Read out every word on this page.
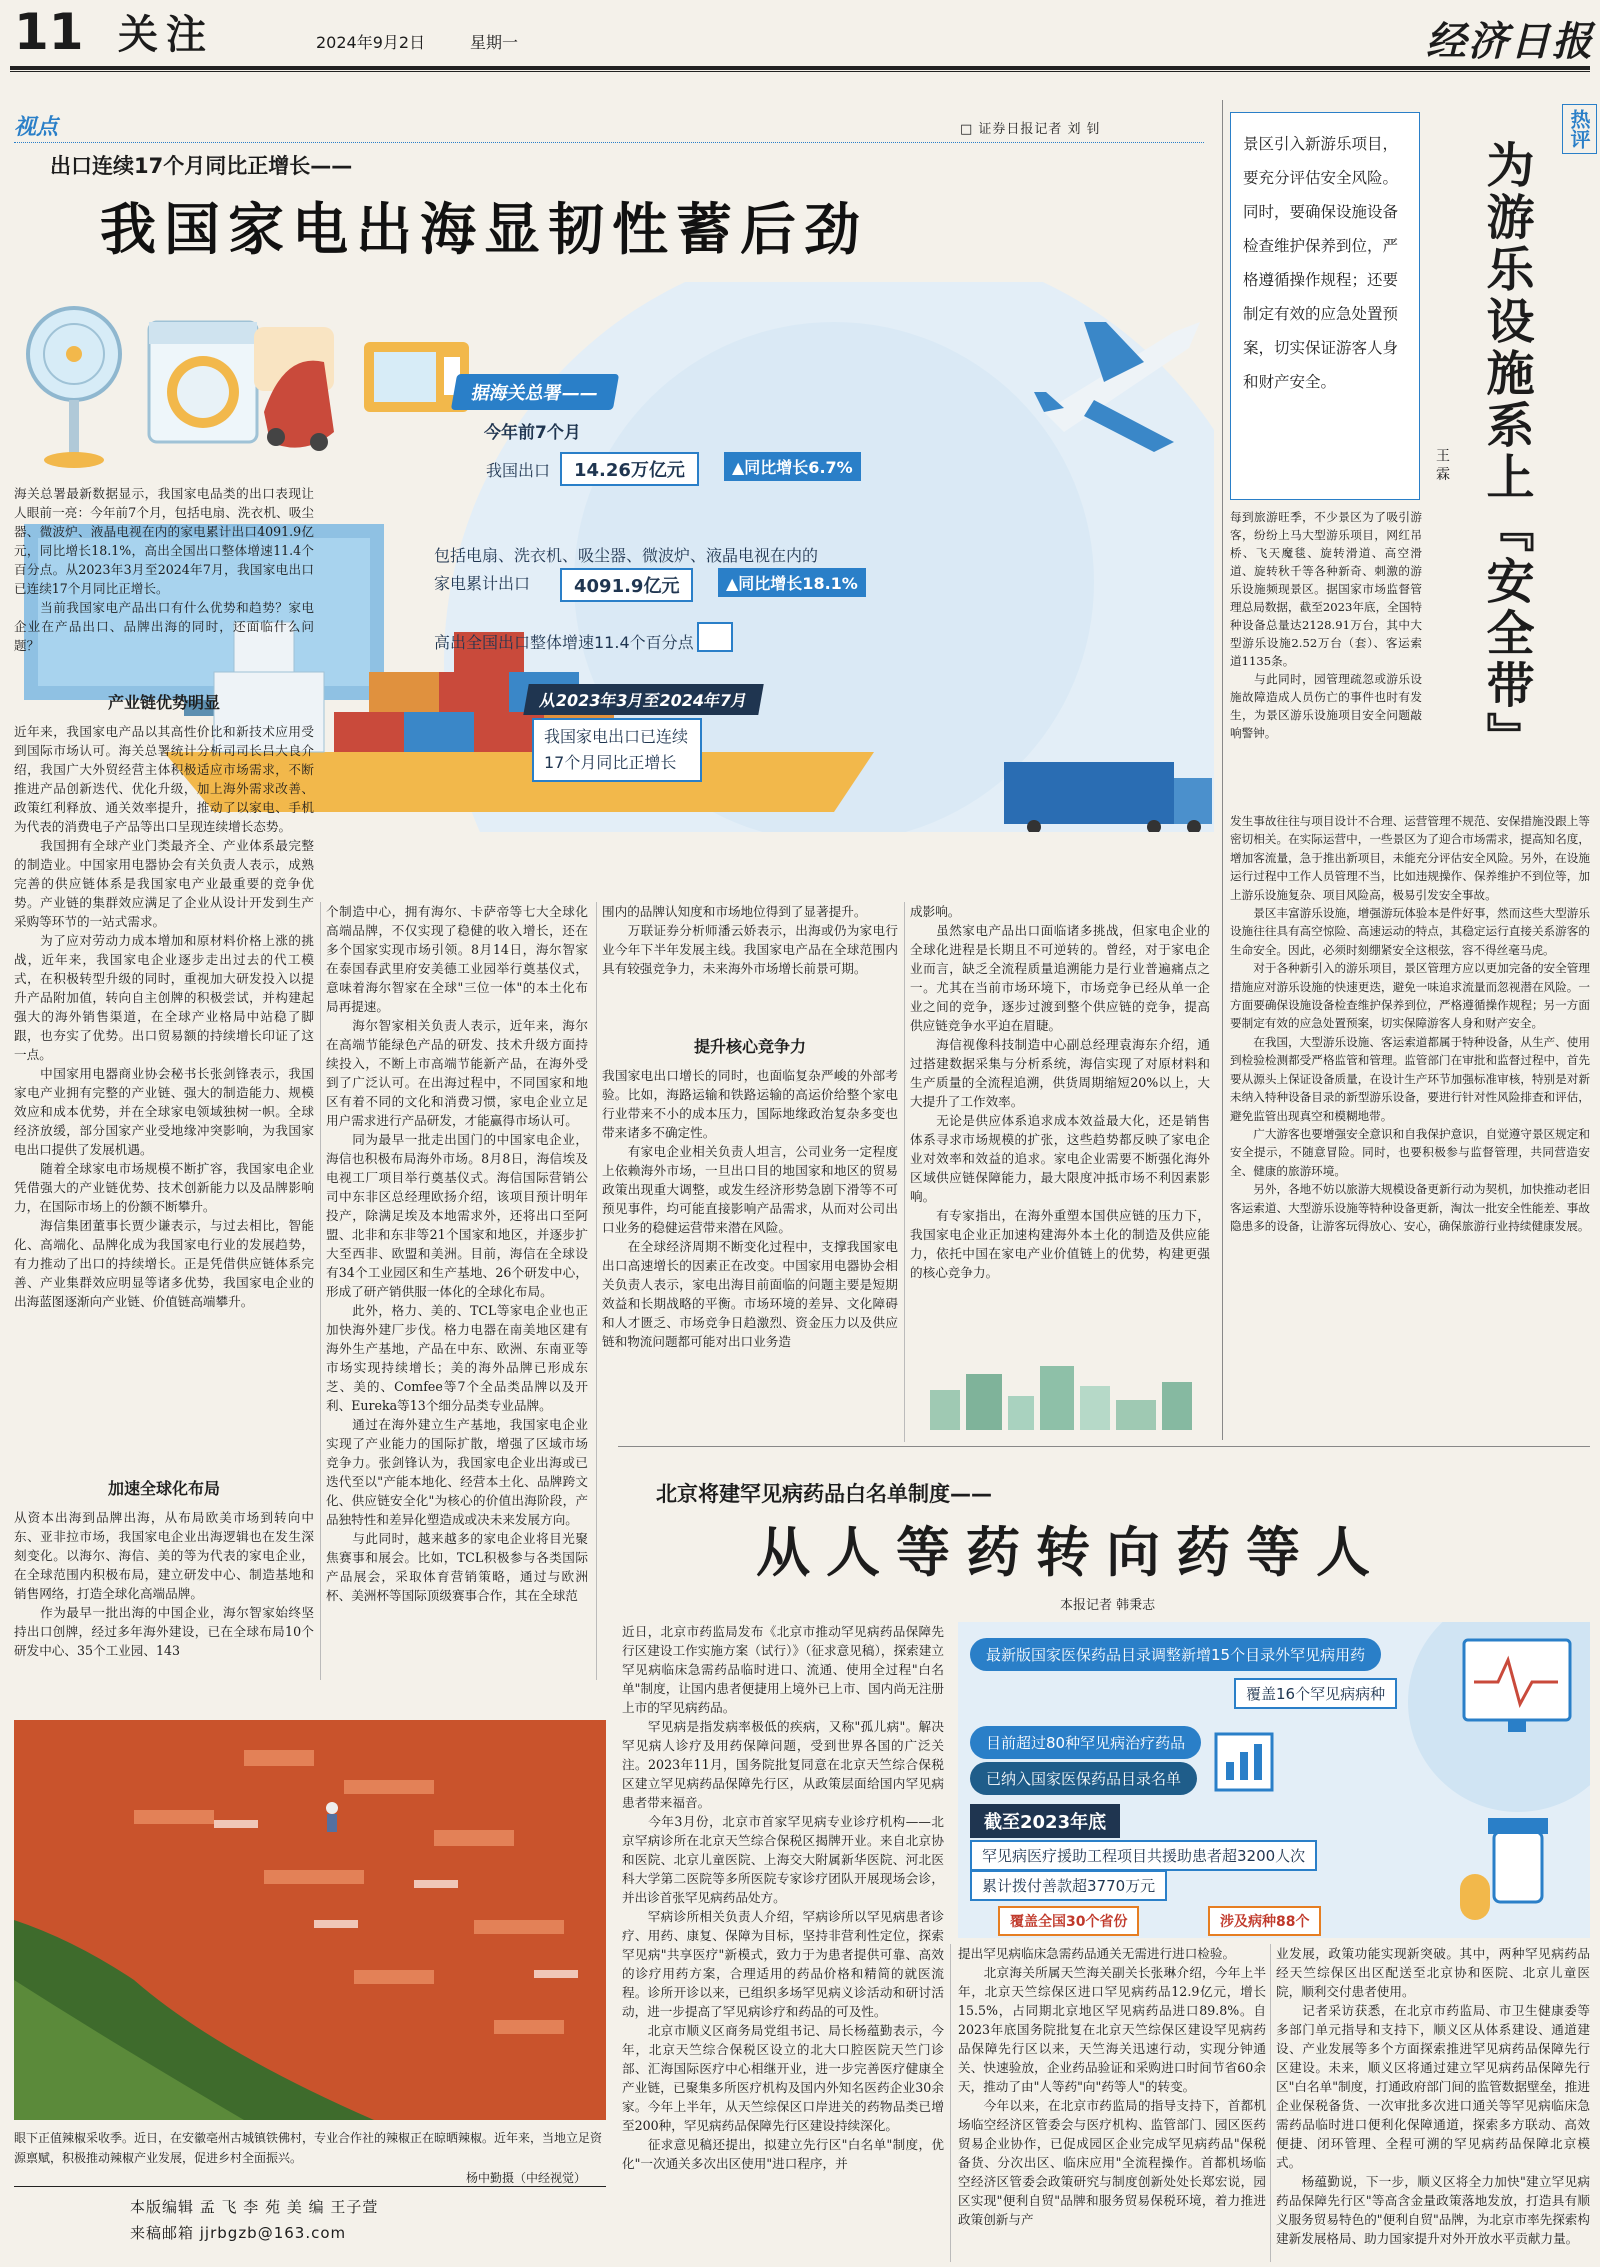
11 关注	2024年9月2日	星期一	经济日报
视点	□ 证券日报记者 刘 钊
出口连续17个月同比正增长——
我国家电出海显韧性蓄后劲
据海关总署——
今年前7个月
我国出口	14.26万亿元	▲同比增长6.7%
包括电扇、洗衣机、吸尘器、微波炉、液晶电视在内的家电累计出口	4091.9亿元	▲同比增长18.1%
高出全国出口整体增速11.4个百分点
从2023年3月至2024年7月
我国家电出口已连续17个月同比正增长
海关总署最新数据显示，我国家电品类的出口表现让人眼前一亮：今年前7个月，包括电扇、洗衣机、吸尘器、微波炉、液晶电视在内的家电累计出口4091.9亿元，同比增长18.1%，高出全国出口整体增速11.4个百分点。从2023年3月至2024年7月，我国家电出口已连续17个月同比正增长。
　　当前我国家电产品出口有什么优势和趋势？家电企业在产品出口、品牌出海的同时，还面临什么问题？
产业链优势明显
近年来，我国家电产品以其高性价比和新技术应用受到国际市场认可。海关总署统计分析司司长吕大良介绍，我国广大外贸经营主体积极适应市场需求，不断推进产品创新迭代、优化升级，加上海外需求改善、政策红利释放、通关效率提升，推动了以家电、手机为代表的消费电子产品等出口呈现连续增长态势。
　　我国拥有全球产业门类最齐全、产业体系最完整的制造业。中国家用电器协会有关负责人表示，成熟完善的供应链体系是我国家电产业最重要的竞争优势。产业链的集群效应满足了企业从设计开发到生产采购等环节的一站式需求。
　　为了应对劳动力成本增加和原材料价格上涨的挑战，近年来，我国家电企业逐步走出过去的代工模式，在积极转型升级的同时，重视加大研发投入以提升产品附加值，转向自主创牌的积极尝试，并构建起强大的海外销售渠道，在全球产业格局中站稳了脚跟，也夯实了优势。出口贸易额的持续增长印证了这一点。
　　中国家用电器商业协会秘书长张剑锋表示，我国家电产业拥有完整的产业链、强大的制造能力、规模效应和成本优势，并在全球家电领域独树一帜。全球经济放缓，部分国家产业受地缘冲突影响，为我国家电出口提供了发展机遇。
　　随着全球家电市场规模不断扩容，我国家电企业凭借强大的产业链优势、技术创新能力以及品牌影响力，在国际市场上的份额不断攀升。
　　海信集团董事长贾少谦表示，与过去相比，智能化、高端化、品牌化成为我国家电行业的发展趋势，有力推动了出口的持续增长。正是凭借供应链体系完善、产业集群效应明显等诸多优势，我国家电企业的出海蓝图逐渐向产业链、价值链高端攀升。
加速全球化布局
从资本出海到品牌出海，从布局欧美市场到转向中东、亚非拉市场，我国家电企业出海逻辑也在发生深刻变化。以海尔、海信、美的等为代表的家电企业，在全球范围内积极布局，建立研发中心、制造基地和销售网络，打造全球化高端品牌。
　　作为最早一批出海的中国企业，海尔智家始终坚持出口创牌，经过多年海外建设，已在全球布局10个研发中心、35个工业园、143
个制造中心，拥有海尔、卡萨帝等七大全球化高端品牌，不仅实现了稳健的收入增长，还在多个国家实现市场引领。8月14日，海尔智家在泰国春武里府安美德工业园举行奠基仪式，意味着海尔智家在全球"三位一体"的本土化布局再提速。
　　海尔智家相关负责人表示，近年来，海尔在高端节能绿色产品的研发、技术升级方面持续投入，不断上市高端节能新产品，在海外受到了广泛认可。在出海过程中，不同国家和地区有着不同的文化和消费习惯，家电企业立足用户需求进行产品研发，才能赢得市场认可。
　　同为最早一批走出国门的中国家电企业，海信也积极布局海外市场。8月8日，海信埃及电视工厂项目举行奠基仪式。海信国际营销公司中东非区总经理欧扬介绍，该项目预计明年投产，除满足埃及本地需求外，还将出口至阿盟、北非和东非等21个国家和地区，并逐步扩大至西非、欧盟和美洲。目前，海信在全球设有34个工业园区和生产基地、26个研发中心，形成了研产销供服一体化的全球化布局。
　　此外，格力、美的、TCL等家电企业也正加快海外建厂步伐。格力电器在南美地区建有海外生产基地，产品在中东、欧洲、东南亚等市场实现持续增长；美的海外品牌已形成东芝、美的、Comfee等7个全品类品牌以及开利、Eureka等13个细分品类专业品牌。
　　通过在海外建立生产基地，我国家电企业实现了产业能力的国际扩散，增强了区域市场竞争力。张剑锋认为，我国家电企业出海或已迭代至以"产能本地化、经营本土化、品牌跨文化、供应链安全化"为核心的价值出海阶段，产品独特性和差异化塑造成或决未来发展方向。
　　与此同时，越来越多的家电企业将目光聚焦赛事和展会。比如，TCL积极参与各类国际产品展会，采取体育营销策略，通过与欧洲杯、美洲杯等国际顶级赛事合作，其在全球范
围内的品牌认知度和市场地位得到了显著提升。
　　万联证券分析师潘云娇表示，出海或仍为家电行业今年下半年发展主线。我国家电产品在全球范围内具有较强竞争力，未来海外市场增长前景可期。
提升核心竞争力
我国家电出口增长的同时，也面临复杂严峻的外部考验。比如，海路运输和铁路运输的高运价给整个家电行业带来不小的成本压力，国际地缘政治复杂多变也带来诸多不确定性。
　　有家电企业相关负责人坦言，公司业务一定程度上依赖海外市场，一旦出口目的地国家和地区的贸易政策出现重大调整，或发生经济形势急剧下滑等不可预见事件，均可能直接影响产品需求，从而对公司出口业务的稳健运营带来潜在风险。
　　在全球经济周期不断变化过程中，支撑我国家电出口高速增长的因素正在改变。中国家用电器协会相关负责人表示，家电出海目前面临的问题主要是短期效益和长期战略的平衡。市场环境的差异、文化障碍和人才匮乏、市场竞争日趋激烈、资金压力以及供应链和物流问题都可能对出口业务造
成影响。
　　虽然家电产品出口面临诸多挑战，但家电企业的全球化进程是长期且不可逆转的。曾经，对于家电企业而言，缺乏全流程质量追溯能力是行业普遍痛点之一。尤其在当前市场环境下，市场竞争已经从单一企业之间的竞争，逐步过渡到整个供应链的竞争，提高供应链竞争水平迫在眉睫。
　　海信视像科技制造中心副总经理袁海东介绍，通过搭建数据采集与分析系统，海信实现了对原材料和生产质量的全流程追溯，供货周期缩短20%以上，大大提升了工作效率。
　　无论是供应体系追求成本效益最大化，还是销售体系寻求市场规模的扩张，这些趋势都反映了家电企业对效率和效益的追求。家电企业需要不断强化海外区域供应链保障能力，最大限度冲抵市场不利因素影响。
　　有专家指出，在海外重塑本国供应链的压力下，我国家电企业正加速构建海外本土化的制造及供应能力，依托中国在家电产业价值链上的优势，构建更强的核心竞争力。
热评
景区引入新游乐项目，要充分评估安全风险。同时，要确保设施设备检查维护保养到位，严格遵循操作规程；还要制定有效的应急处置预案，切实保证游客人身和财产安全。	为游乐设施系上『安全带』
王 霖
每到旅游旺季，不少景区为了吸引游客，纷纷上马大型游乐项目，网红吊桥、飞天魔毯、旋转滑道、高空滑道、旋转秋千等各种新奇、刺激的游乐设施频现景区。据国家市场监督管理总局数据，截至2023年底，全国特种设备总量达2128.91万台，其中大型游乐设施2.52万台（套）、客运索道1135条。
　　与此同时，园管理疏忽或游乐设施故障造成人员伤亡的事件也时有发生，为景区游乐设施项目安全问题敲响警钟。
发生事故往往与项目设计不合理、运营管理不规范、安保措施没跟上等密切相关。在实际运营中，一些景区为了迎合市场需求，提高知名度，增加客流量，急于推出新项目，未能充分评估安全风险。另外，在设施运行过程中工作人员管理不当，比如违规操作、保养维护不到位等，加上游乐设施复杂、项目风险高，极易引发安全事故。
　　景区丰富游乐设施，增强游玩体验本是件好事，然而这些大型游乐设施往往具有高空惊险、高速运动的特点，其稳定运行直接关系游客的生命安全。因此，必须时刻绷紧安全这根弦，容不得丝毫马虎。
　　对于各种新引入的游乐项目，景区管理方应以更加完备的安全管理措施应对游乐设施的快速更迭，避免一味追求流量而忽视潜在风险。一方面要确保设施设备检查维护保养到位，严格遵循操作规程；另一方面要制定有效的应急处置预案，切实保障游客人身和财产安全。
　　在我国，大型游乐设施、客运索道都属于特种设备，从生产、使用到检验检测都受严格监管和管理。监管部门在审批和监督过程中，首先要从源头上保证设备质量，在设计生产环节加强标准审核，特别是对新未纳入特种设备目录的新型游乐设备，要进行针对性风险排查和评估，避免监管出现真空和模糊地带。
　　广大游客也要增强安全意识和自我保护意识，自觉遵守景区规定和安全提示，不随意冒险。同时，也要积极参与监督管理，共同营造安全、健康的旅游环境。
　　另外，各地不妨以旅游大规模设备更新行动为契机，加快推动老旧客运索道、大型游乐设施等特种设备更新，淘汰一批安全性能差、事故隐患多的设备，让游客玩得放心、安心，确保旅游行业持续健康发展。
眼下正值辣椒采收季。近日，在安徽亳州古城镇铁佛村，专业合作社的辣椒正在晾晒辣椒。近年来，当地立足资源禀赋，积极推动辣椒产业发展，促进乡村全面振兴。
杨中勤摄（中经视觉）
本版编辑 孟 飞 李 苑 美 编 王子萱
来稿邮箱 jjrbgzb@163.com
北京将建罕见病药品白名单制度——
从人等药转向药等人
本报记者 韩秉志
近日，北京市药监局发布《北京市推动罕见病药品保障先行区建设工作实施方案（试行）》（征求意见稿），探索建立罕见病临床急需药品临时进口、流通、使用全过程"白名单"制度，让国内患者便捷用上境外已上市、国内尚无注册上市的罕见病药品。
　　罕见病是指发病率极低的疾病，又称"孤儿病"。解决罕见病人诊疗及用药保障问题，受到世界各国的广泛关注。2023年11月，国务院批复同意在北京天竺综合保税区建立罕见病药品保障先行区，从政策层面给国内罕见病患者带来福音。
　　今年3月份，北京市首家罕见病专业诊疗机构——北京罕病诊所在北京天竺综合保税区揭牌开业。来自北京协和医院、北京儿童医院、上海交大附属新华医院、河北医科大学第二医院等多所医院专家诊疗团队开展现场会诊，并出诊首张罕见病药品处方。
　　罕病诊所相关负责人介绍，罕病诊所以罕见病患者诊疗、用药、康复、保障为目标，坚持非营利性定位，探索罕见病"共享医疗"新模式，致力于为患者提供可靠、高效的诊疗用药方案，合理适用的药品价格和精简的就医流程。诊所开诊以来，已组织多场罕见病义诊活动和研讨活动，进一步提高了罕见病诊疗和药品的可及性。
　　北京市顺义区商务局党组书记、局长杨蕴勤表示，今年，北京天竺综合保税区设立的北大口腔医院天竺门诊部、汇海国际医疗中心相继开业，进一步完善医疗健康全产业链，已聚集多所医疗机构及国内外知名医药企业30余家。今年上半年，从天竺综保区口岸进关的药物品类已增至200种，罕见病药品保障先行区建设持续深化。
　　征求意见稿还提出，拟建立先行区"白名单"制度，优化"一次通关多次出区使用"进口程序，并
提出罕见病临床急需药品通关无需进行进口检验。
　　北京海关所属天竺海关副关长张琳介绍，今年上半年，北京天竺综保区进口罕见病药品12.9亿元，增长15.5%，占同期北京地区罕见病药品进口89.8%。自2023年底国务院批复在北京天竺综保区建设罕见病药品保障先行区以来，天竺海关迅速行动，实现分钟通关、快速验放，企业药品验证和采购进口时间节省60余天，推动了由"人等药"向"药等人"的转变。
　　今年以来，在北京市药监局的指导支持下，首都机场临空经济区管委会与医疗机构、监管部门、园区医药贸易企业协作，已促成园区企业完成罕见病药品"保税备货、分次出区、临床应用"全流程操作。首都机场临空经济区管委会政策研究与制度创新处处长郑宏说，园区实现"便利自贸"品牌和服务贸易保税环境，着力推进政策创新与产
业发展，政策功能实现新突破。其中，两种罕见病药品经天竺综保区出区配送至北京协和医院、北京儿童医院，顺利交付患者使用。
　　记者采访获悉，在北京市药监局、市卫生健康委等多部门单元指导和支持下，顺义区从体系建设、通道建设、产业发展等多个方面探索推进罕见病药品保障先行区建设。未来，顺义区将通过建立罕见病药品保障先行区"白名单"制度，打通政府部门间的监管数据壁垒，推进企业保税备货、一次审批多次进口通关等罕见病临床急需药品临时进口便利化保障通道，探索多方联动、高效便捷、闭环管理、全程可溯的罕见病药品保障北京模式。
　　杨蕴勤说，下一步，顺义区将全力加快"建立罕见病药品保障先行区"等高含金量政策落地发放，打造具有顺义服务贸易特色的"便利自贸"品牌，为北京市率先探索构建新发展格局、助力国家提升对外开放水平贡献力量。
最新版国家医保药品目录调整新增15个目录外罕见病用药
覆盖16个罕见病病种
目前超过80种罕见病治疗药品
已纳入国家医保药品目录名单
截至2023年底
罕见病医疗援助工程项目共援助患者超3200人次
累计拨付善款超3770万元
覆盖全国30个省份	涉及病种88个
